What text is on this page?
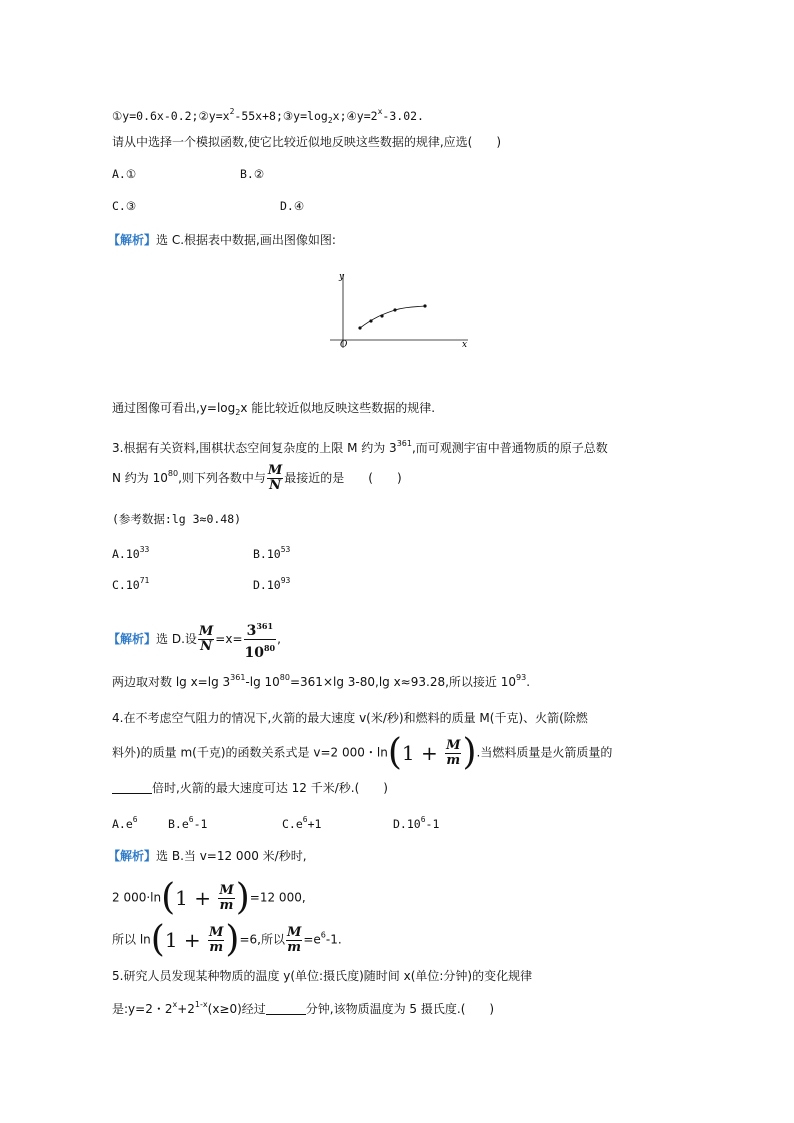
$①y=0.6x-0.2;②y=x^2-55x+8;③y=\log_2x;④y=2^x-3.02$.
请从中选择一个模拟函数,使它比较近似地反映这些数据的规律,应选(　　)
A.①	B.②
C.③	D.④
【解析】选 C.根据表中数据,画出图像如图:
y
x
O
通过图像可看出$,y=\log_2x$ 能比较近似地反映这些数据的规律.
3.根据有关资料,围棋状态空间复杂度的上限 M 约为 $3^{361}$,而可观测宇宙中普通物质的原子总数
N 约为 $10^{80}$,则下列各数中与 $\frac{M}{N}$ 最接近的是　　(　　)
(参考数据:lg 3≈0.48)
$A.10^{33}$	$B.10^{53}$
$C.10^{71}$	$D.10^{93}$
【解析】选 D.设 $\frac{M}{N} =x= \frac{3^{361}}{10^{80}}$ ,
两边取对数 lg x=lg $3^{361}-\lg$ $10^{80}=361\times\lg$ 3-80,lg x≈93.28,所以接近 $10^{93}$.
4.在不考虑空气阻力的情况下,火箭的最大速度 v(米/秒)和燃料的质量 M(千克)、火箭(除燃
料外)的质量 m(千克)的函数关系式是 v=2 000・$\ln(1 + \frac{M}{m}$ ).当燃料质量是火箭质量的
倍时,火箭的最大速度可达 12 千米/秒.(　　)
$A.e^6$	$B.e^6-1$	$C.e^6+1$	$D.10^6-1$
【解析】选 B.当 v=12 000 米/秒时,
2 $000\cdot\ln(1 + \frac{M}{m} )=12$ 000,
所以 $\ln(1 + \frac{M}{m} )=6$,所以 $\frac{M}{m} =e^6-1$.
5.研究人员发现某种物质的温度 y(单位:摄氏度)随时间 x(单位:分钟)的变化规律
是:y=2・$2^x+2^{1-x}(x\ge 0)$经过	分钟,该物质温度为 5 摄氏度.(　　)
